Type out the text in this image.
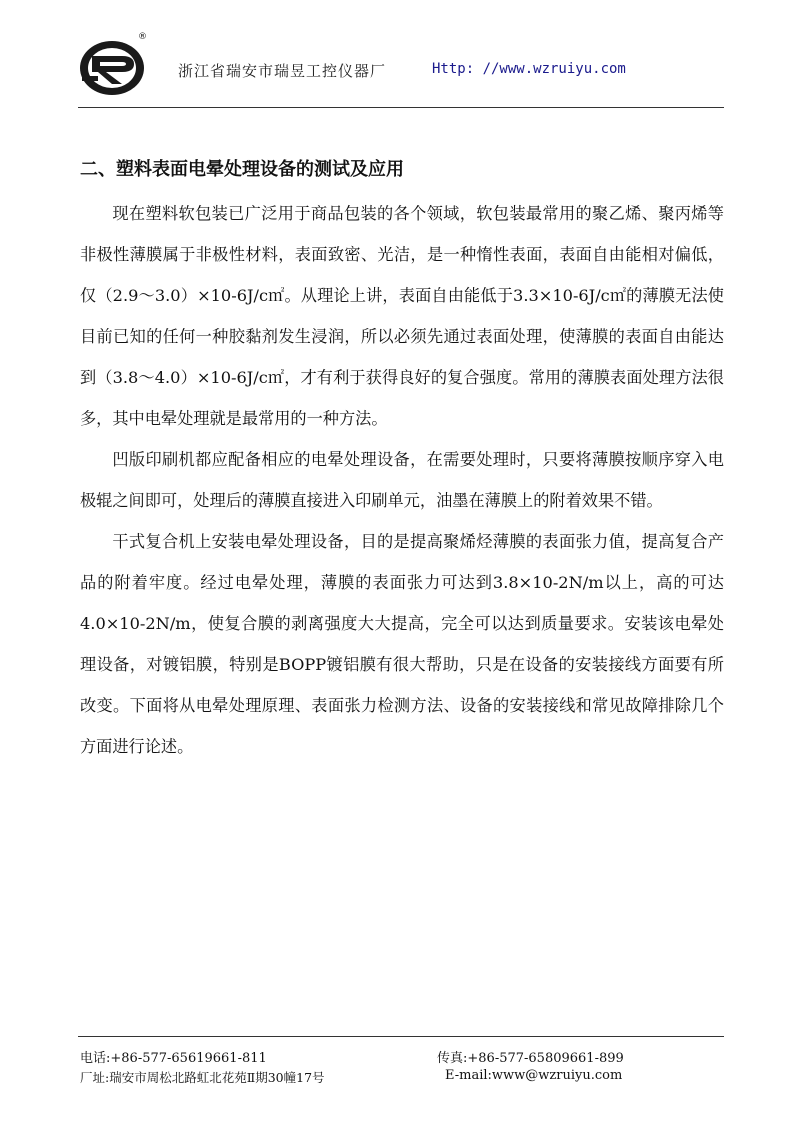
®
浙江省瑞安市瑞昱工控仪器厂	Http: //www.wzruiyu.com
二、塑料表面电晕处理设备的测试及应用

现在塑料软包装已广泛用于商品包装的各个领域，软包装最常用的聚乙烯、聚丙烯等非极性薄膜属于非极性材料，表面致密、光洁，是一种惰性表面，表面自由能相对偏低，仅（2.9～3.0）×10-6J/c㎡。从理论上讲，表面自由能低于3.3×10-6J/c㎡的薄膜无法使目前已知的任何一种胶黏剂发生浸润，所以必须先通过表面处理，使薄膜的表面自由能达到（3.8～4.0）×10-6J/c㎡，才有利于获得良好的复合强度。常用的薄膜表面处理方法很多，其中电晕处理就是最常用的一种方法。

凹版印刷机都应配备相应的电晕处理设备，在需要处理时，只要将薄膜按顺序穿入电极辊之间即可，处理后的薄膜直接进入印刷单元，油墨在薄膜上的附着效果不错。

干式复合机上安装电晕处理设备，目的是提高聚烯烃薄膜的表面张力值，提高复合产品的附着牢度。经过电晕处理，薄膜的表面张力可达到3.8×10-2N/m以上，高的可达4.0×10-2N/m，使复合膜的剥离强度大大提高，完全可以达到质量要求。安装该电晕处理设备，对镀铝膜，特别是BOPP镀铝膜有很大帮助，只是在设备的安装接线方面要有所改变。下面将从电晕处理原理、表面张力检测方法、设备的安装接线和常见故障排除几个方面进行论述。

电话:+86-577-65619661-811	传真:+86-577-65809661-899
厂址:瑞安市周松北路虹北花苑Ⅱ期30幢17号	E-mail:www@wzruiyu.com
